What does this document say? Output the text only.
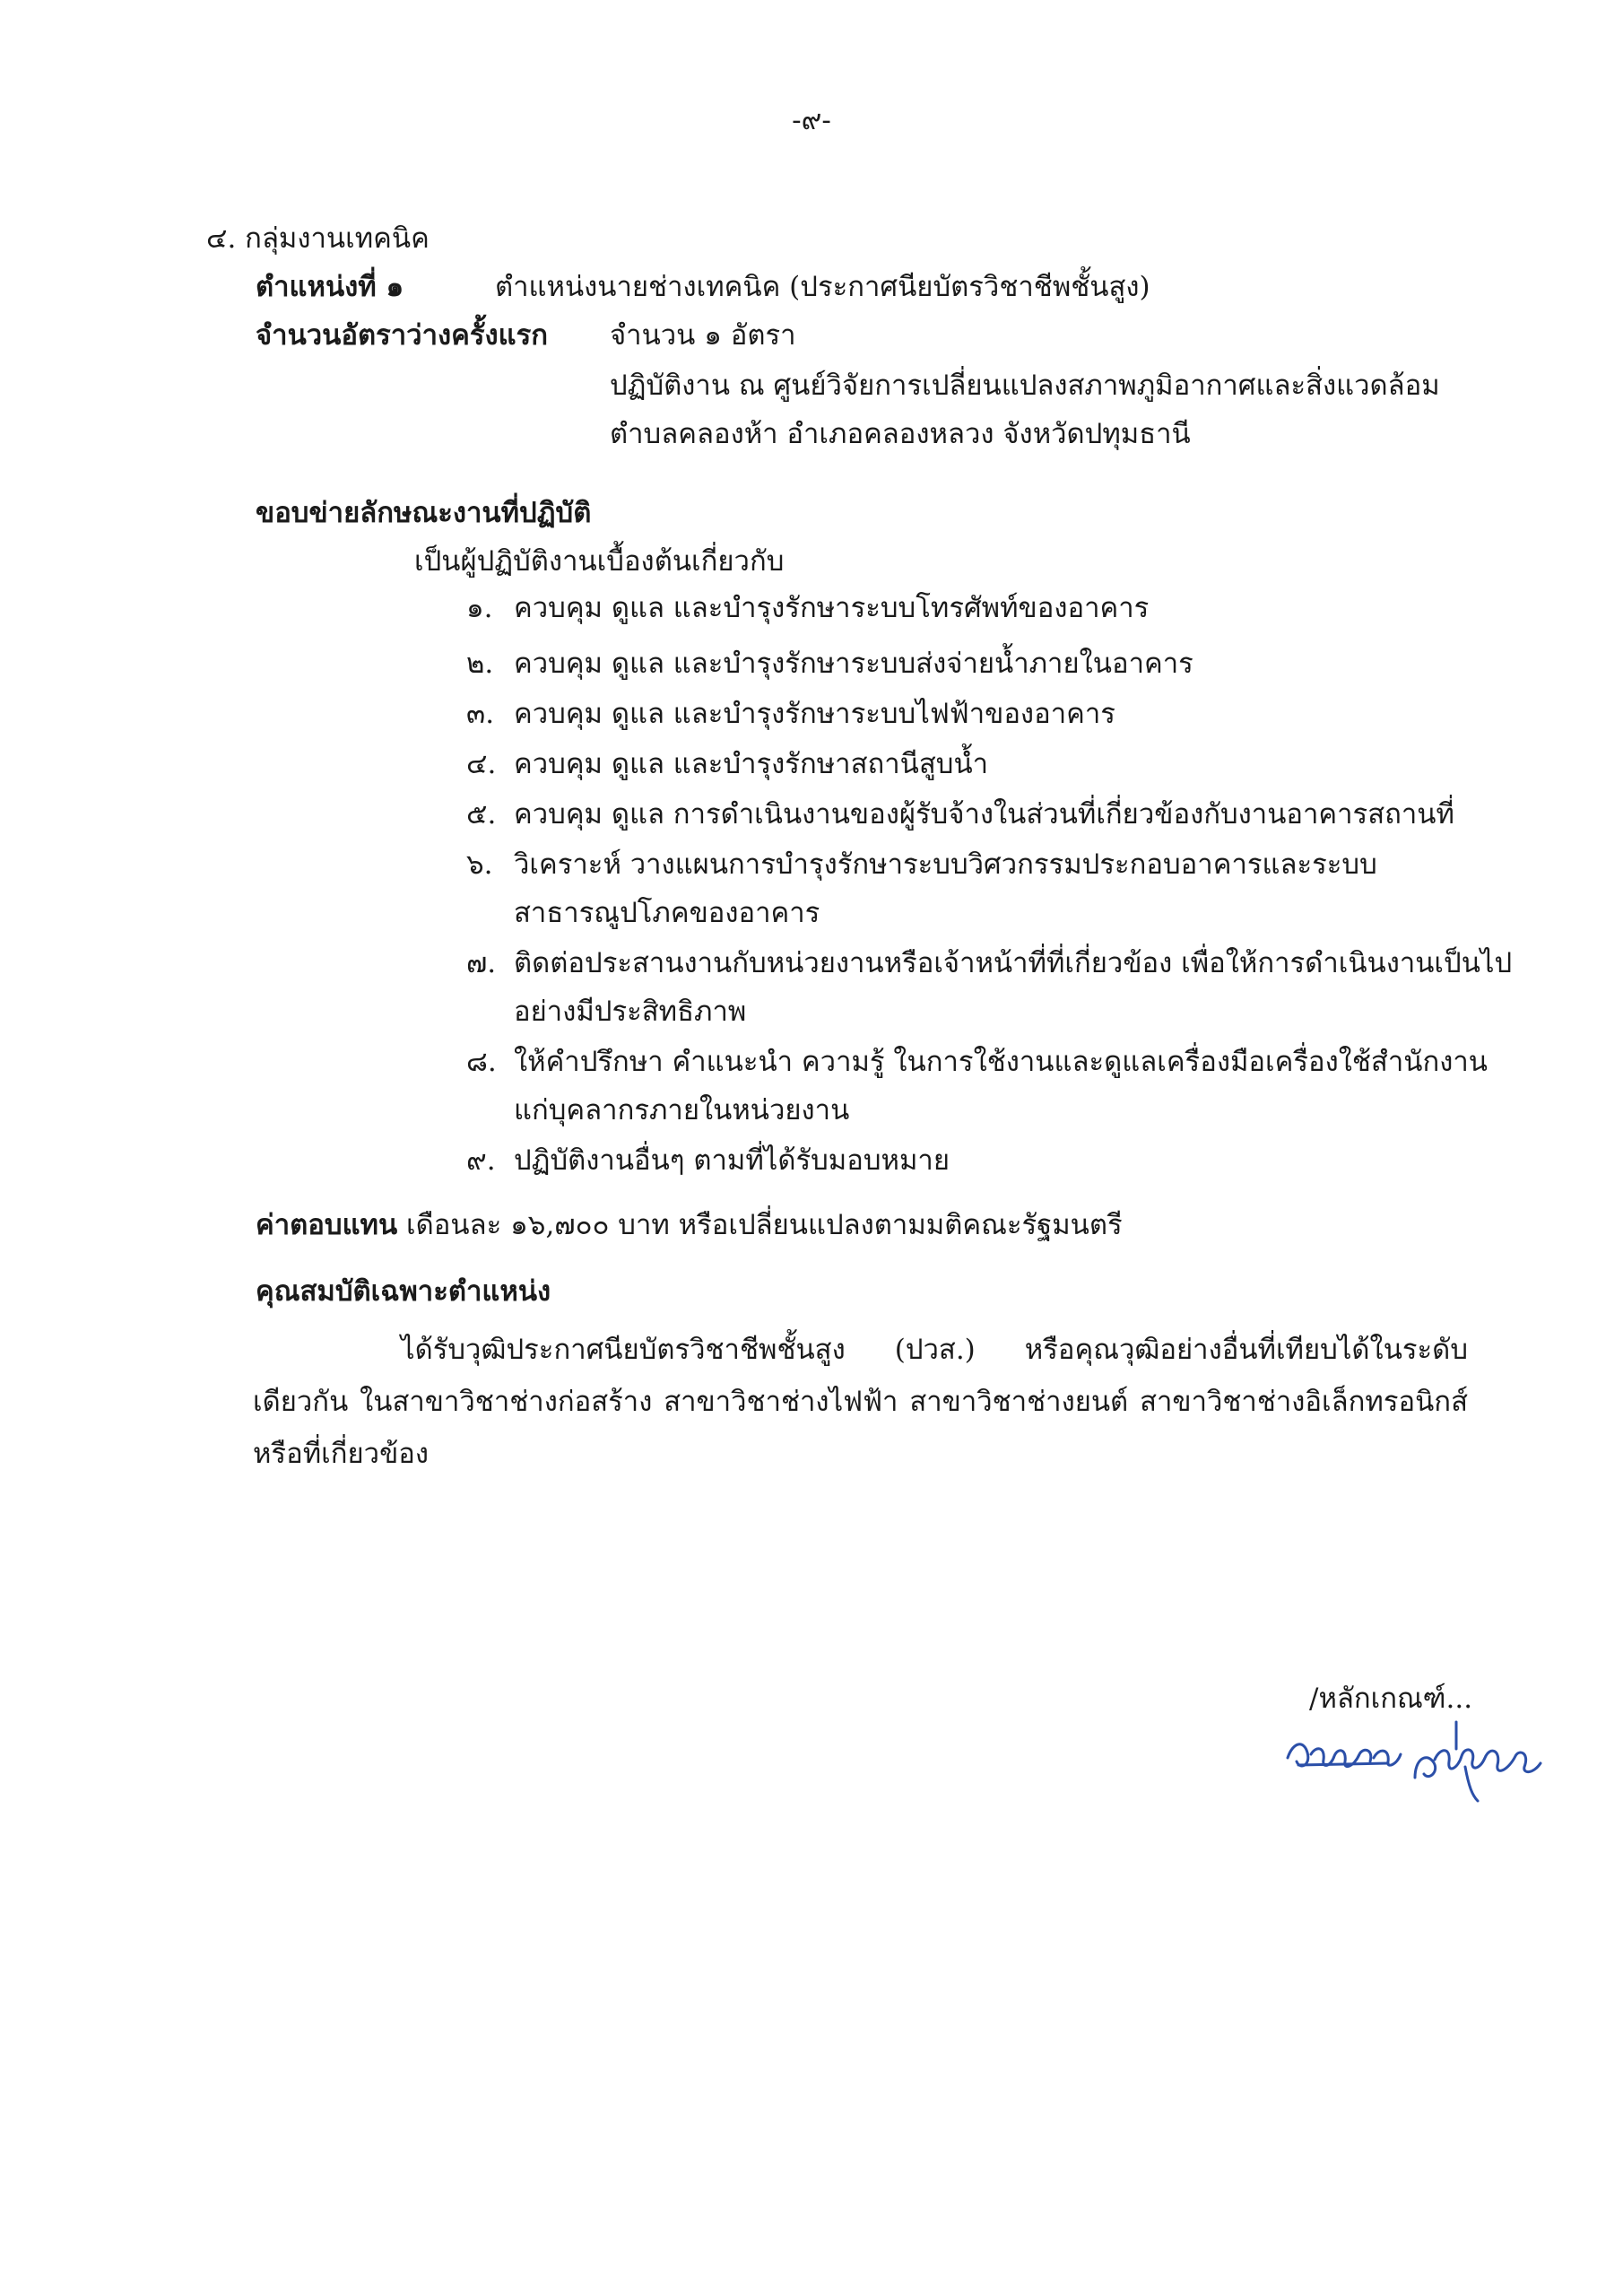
-๙-
๔. กลุ่มงานเทคนิค
ตำแหน่งที่ ๑	ตำแหน่งนายช่างเทคนิค (ประกาศนียบัตรวิชาชีพชั้นสูง)
จำนวนอัตราว่างครั้งแรก จำนวน ๑ อัตรา
ปฏิบัติงาน ณ ศูนย์วิจัยการเปลี่ยนแปลงสภาพภูมิอากาศและสิ่งแวดล้อม
ตำบลคลองห้า อำเภอคลองหลวง จังหวัดปทุมธานี
ขอบข่ายลักษณะงานที่ปฏิบัติ
เป็นผู้ปฏิบัติงานเบื้องต้นเกี่ยวกับ
๑. ควบคุม ดูแล และบำรุงรักษาระบบโทรศัพท์ของอาคาร
๒. ควบคุม ดูแล และบำรุงรักษาระบบส่งจ่ายน้ำภายในอาคาร
๓. ควบคุม ดูแล และบำรุงรักษาระบบไฟฟ้าของอาคาร
๔. ควบคุม ดูแล และบำรุงรักษาสถานีสูบน้ำ
๕. ควบคุม ดูแล การดำเนินงานของผู้รับจ้างในส่วนที่เกี่ยวข้องกับงานอาคารสถานที่
๖. วิเคราะห์ วางแผนการบำรุงรักษาระบบวิศวกรรมประกอบอาคารและระบบ
สาธารณูปโภคของอาคาร
๗. ติดต่อประสานงานกับหน่วยงานหรือเจ้าหน้าที่ที่เกี่ยวข้อง เพื่อให้การดำเนินงานเป็นไป
อย่างมีประสิทธิภาพ
๘. ให้คำปรึกษา คำแนะนำ ความรู้ ในการใช้งานและดูแลเครื่องมือเครื่องใช้สำนักงาน
แก่บุคลากรภายในหน่วยงาน
๙. ปฏิบัติงานอื่นๆ ตามที่ได้รับมอบหมาย
ค่าตอบแทน เดือนละ ๑๖,๗๐๐ บาท หรือเปลี่ยนแปลงตามมติคณะรัฐมนตรี
คุณสมบัติเฉพาะตำแหน่ง
ได้รับวุฒิประกาศนียบัตรวิชาชีพชั้นสูง (ปวส.) หรือคุณวุฒิอย่างอื่นที่เทียบได้ในระดับเดียวกัน ในสาขาวิชาช่างก่อสร้าง สาขาวิชาช่างไฟฟ้า สาขาวิชาช่างยนต์ สาขาวิชาช่างอิเล็กทรอนิกส์ หรือที่เกี่ยวข้อง
/หลักเกณฑ์...
